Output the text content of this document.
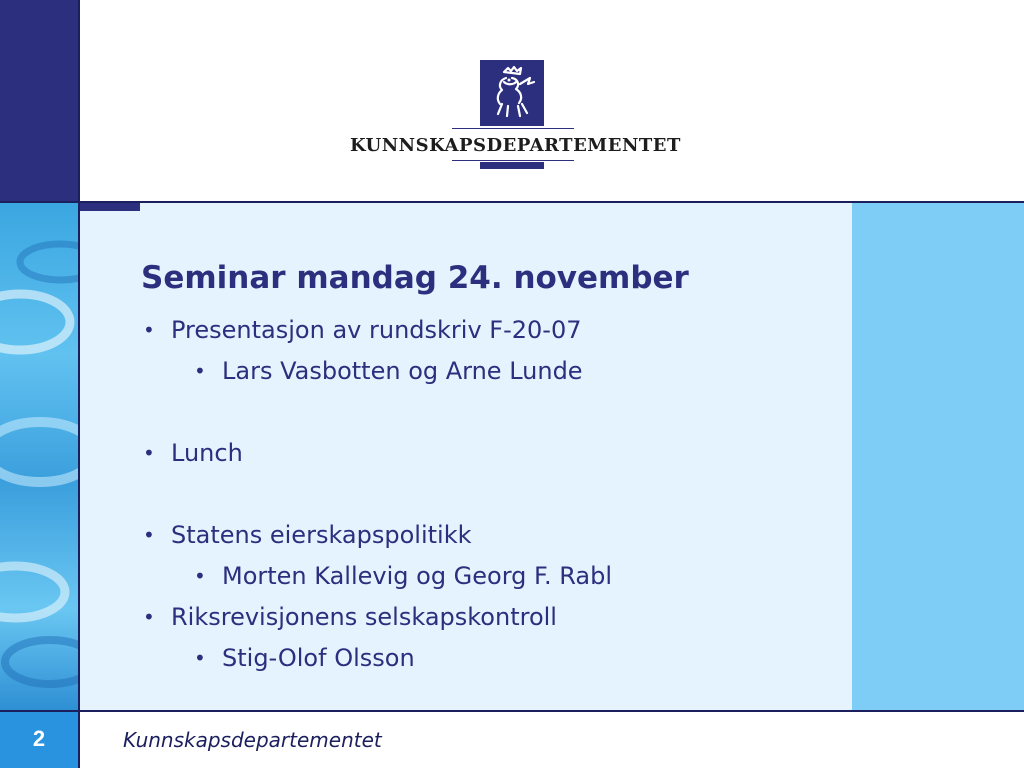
2
KUNNSKAPSDEPARTEMENTET
Seminar mandag 24. november
• Presentasjon av rundskriv F-20-07
• Lars Vasbotten og Arne Lunde
• Lunch
• Statens eierskapspolitikk
• Morten Kallevig og Georg F. Rabl
• Riksrevisjonens selskapskontroll
• Stig-Olof Olsson
Kunnskapsdepartementet
